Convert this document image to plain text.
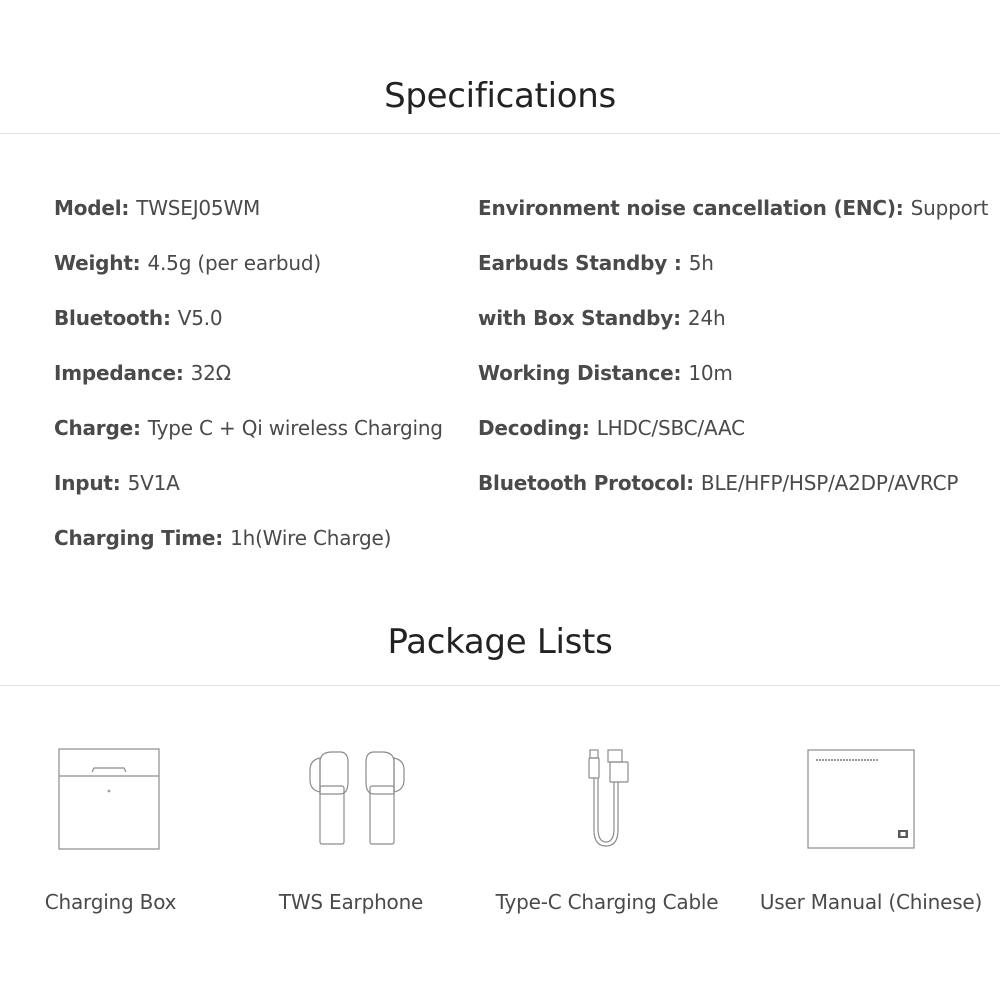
Specifications
Model: TWSEJ05WM
Weight: 4.5g (per earbud)
Bluetooth: V5.0
Impedance: 32Ω
Charge: Type C + Qi wireless Charging
Input: 5V1A
Charging Time: 1h(Wire Charge)
Environment noise cancellation (ENC): Support
Earbuds Standby : 5h
with Box Standby: 24h
Working Distance: 10m
Decoding: LHDC/SBC/AAC
Bluetooth Protocol: BLE/HFP/HSP/A2DP/AVRCP
Package Lists
Charging Box	TWS Earphone	Type-C Charging Cable	User Manual (Chinese)
